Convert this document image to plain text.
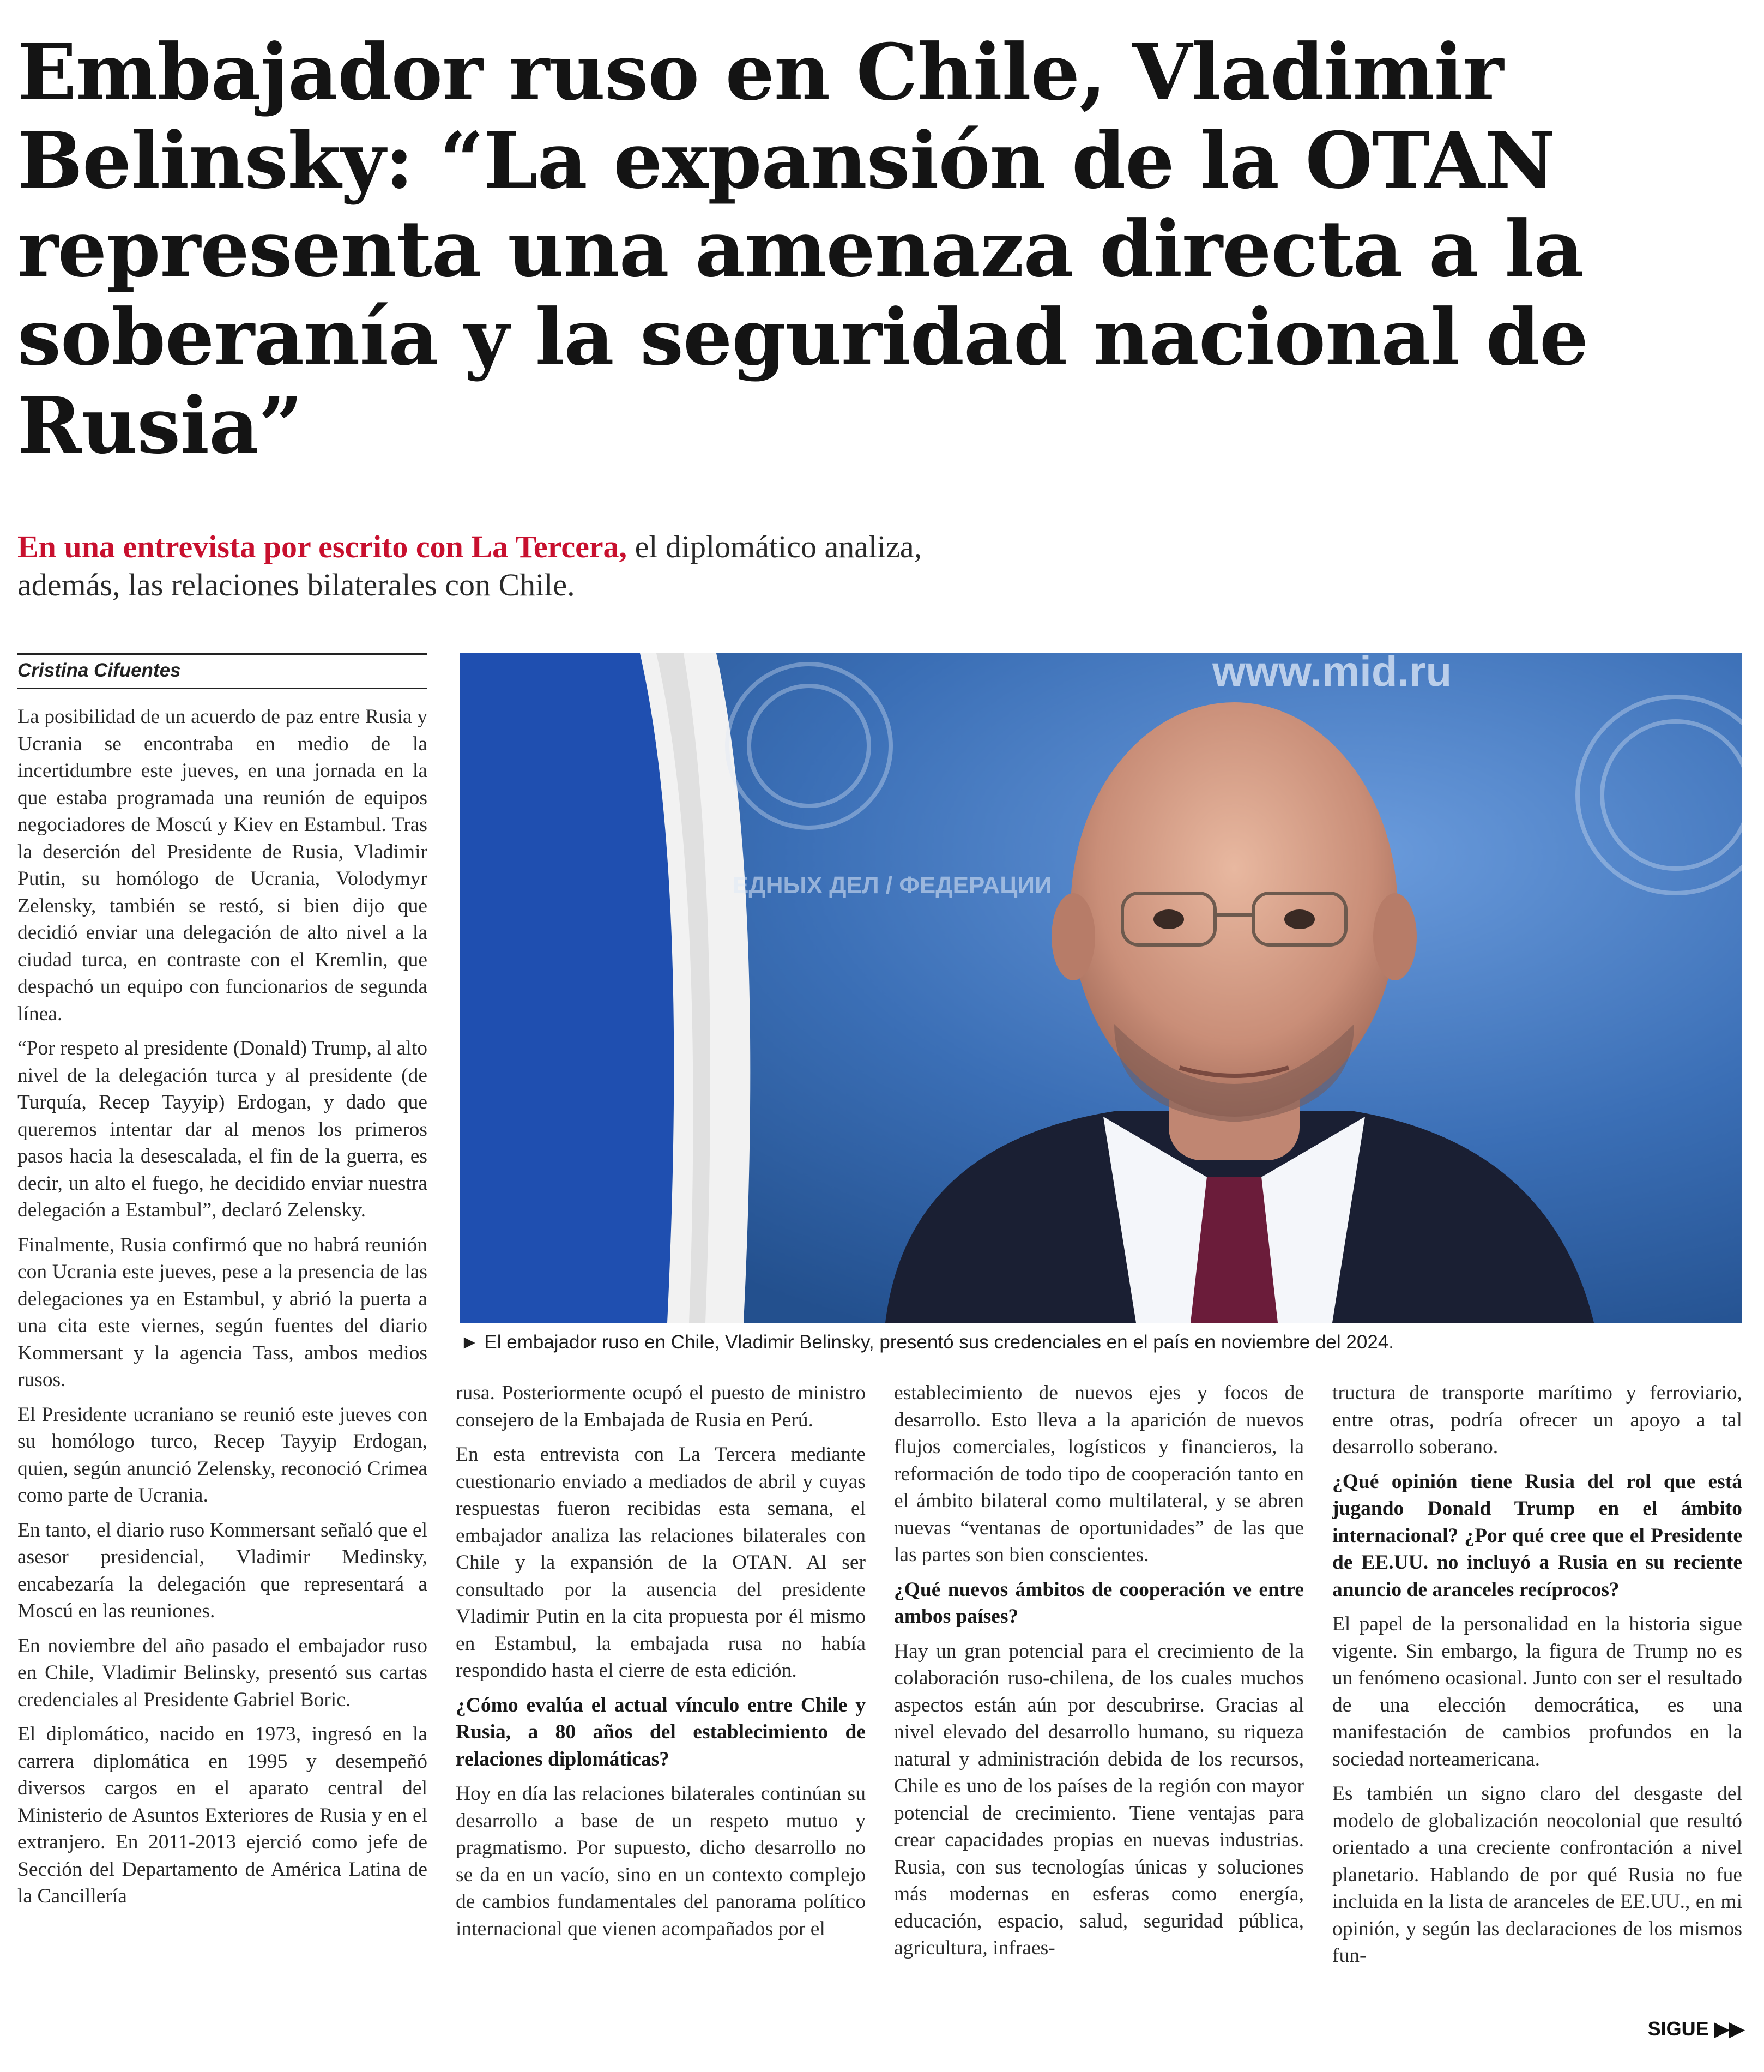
Embajador ruso en Chile, Vladimir Belinsky: “La expansión de la OTAN representa una amenaza directa a la soberanía y la seguridad nacional de Rusia”

En una entrevista por escrito con La Tercera, el diplomático analiza, además, las relaciones bilaterales con Chile.

Cristina Cifuentes

La posibilidad de un acuerdo de paz entre Rusia y Ucrania se encontraba en medio de la incertidumbre este jueves, en una jornada en la que estaba programada una reunión de equipos negociadores de Moscú y Kiev en Estambul. Tras la deserción del Presidente de Rusia, Vladimir Putin, su homólogo de Ucrania, Volodymyr Zelensky, también se restó, si bien dijo que decidió enviar una delegación de alto nivel a la ciudad turca, en contraste con el Kremlin, que despachó un equipo con funcionarios de segunda línea.

“Por respeto al presidente (Donald) Trump, al alto nivel de la delegación turca y al presidente (de Turquía, Recep Tayyip) Erdogan, y dado que queremos intentar dar al menos los primeros pasos hacia la desescalada, el fin de la guerra, es decir, un alto el fuego, he decidido enviar nuestra delegación a Estambul”, declaró Zelensky.

Finalmente, Rusia confirmó que no habrá reunión con Ucrania este jueves, pese a la presencia de las delegaciones ya en Estambul, y abrió la puerta a una cita este viernes, según fuentes del diario Kommersant y la agencia Tass, ambos medios rusos.

El Presidente ucraniano se reunió este jueves con su homólogo turco, Recep Tayyip Erdogan, quien, según anunció Zelensky, reconoció Crimea como parte de Ucrania.

En tanto, el diario ruso Kommersant señaló que el asesor presidencial, Vladimir Medinsky, encabezaría la delegación que representará a Moscú en las reuniones.

En noviembre del año pasado el embajador ruso en Chile, Vladimir Belinsky, presentó sus cartas credenciales al Presidente Gabriel Boric.

El diplomático, nacido en 1973, ingresó en la carrera diplomática en 1995 y desempeñó diversos cargos en el aparato central del Ministerio de Asuntos Exteriores de Rusia y en el extranjero. En 2011-2013 ejerció como jefe de Sección del Departamento de América Latina de la Cancillería

www.mid.ru
ЕДНЫХ ДЕЛ / ФЕДЕРАЦИИ
► El embajador ruso en Chile, Vladimir Belinsky, presentó sus credenciales en el país en noviembre del 2024.

rusa. Posteriormente ocupó el puesto de ministro consejero de la Embajada de Rusia en Perú.

En esta entrevista con La Tercera mediante cuestionario enviado a mediados de abril y cuyas respuestas fueron recibidas esta semana, el embajador analiza las relaciones bilaterales con Chile y la expansión de la OTAN. Al ser consultado por la ausencia del presidente Vladimir Putin en la cita propuesta por él mismo en Estambul, la embajada rusa no había respondido hasta el cierre de esta edición.

¿Cómo evalúa el actual vínculo entre Chile y Rusia, a 80 años del establecimiento de relaciones diplomáticas?

Hoy en día las relaciones bilaterales continúan su desarrollo a base de un respeto mutuo y pragmatismo. Por supuesto, dicho desarrollo no se da en un vacío, sino en un contexto complejo de cambios fundamentales del panorama político internacional que vienen acompañados por el

establecimiento de nuevos ejes y focos de desarrollo. Esto lleva a la aparición de nuevos flujos comerciales, logísticos y financieros, la reformación de todo tipo de cooperación tanto en el ámbito bilateral como multilateral, y se abren nuevas “ventanas de oportunidades” de las que las partes son bien conscientes.

¿Qué nuevos ámbitos de cooperación ve entre ambos países?

Hay un gran potencial para el crecimiento de la colaboración ruso-chilena, de los cuales muchos aspectos están aún por descubrirse. Gracias al nivel elevado del desarrollo humano, su riqueza natural y administración debida de los recursos, Chile es uno de los países de la región con mayor potencial de crecimiento. Tiene ventajas para crear capacidades propias en nuevas industrias. Rusia, con sus tecnologías únicas y soluciones más modernas en esferas como energía, educación, espacio, salud, seguridad pública, agricultura, infraes-

tructura de transporte marítimo y ferroviario, entre otras, podría ofrecer un apoyo a tal desarrollo soberano.

¿Qué opinión tiene Rusia del rol que está jugando Donald Trump en el ámbito internacional? ¿Por qué cree que el Presidente de EE.UU. no incluyó a Rusia en su reciente anuncio de aranceles recíprocos?

El papel de la personalidad en la historia sigue vigente. Sin embargo, la figura de Trump no es un fenómeno ocasional. Junto con ser el resultado de una elección democrática, es una manifestación de cambios profundos en la sociedad norteamericana.

Es también un signo claro del desgaste del modelo de globalización neocolonial que resultó orientado a una creciente confrontación a nivel planetario. Hablando de por qué Rusia no fue incluida en la lista de aranceles de EE.UU., en mi opinión, y según las declaraciones de los mismos fun-

SIGUE ▶▶
